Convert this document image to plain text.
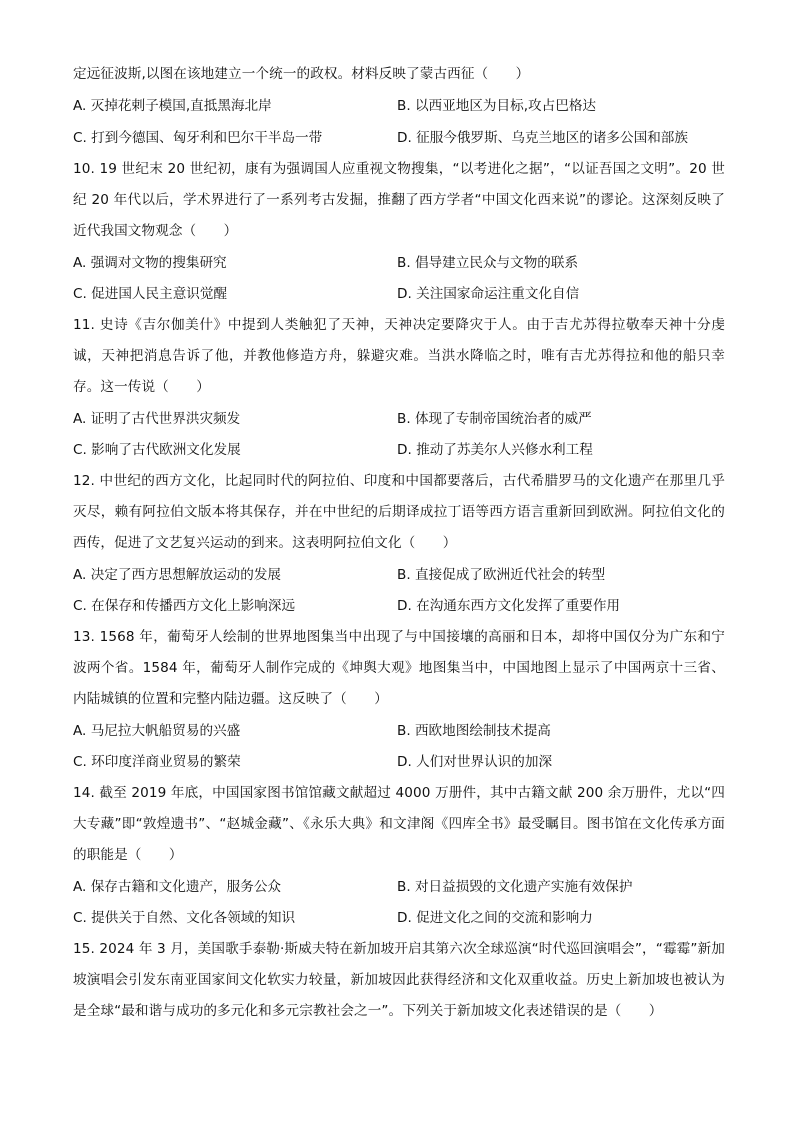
定远征波斯,以图在该地建立一个统一的政权。材料反映了蒙古西征（　　）

A. 灭掉花剌子模国,直抵黑海北岸	B. 以西亚地区为目标,攻占巴格达
C. 打到今德国、匈牙利和巴尔干半岛一带	D. 征服今俄罗斯、乌克兰地区的诸多公国和部族

10. 19 世纪末 20 世纪初，康有为强调国人应重视文物搜集，“以考进化之据”，“以证吾国之文明”。20 世纪 20 年代以后，学术界进行了一系列考古发掘，推翻了西方学者“中国文化西来说”的谬论。这深刻反映了近代我国文物观念（　　）

A. 强调对文物的搜集研究	B. 倡导建立民众与文物的联系
C. 促进国人民主意识觉醒	D. 关注国家命运注重文化自信

11. 史诗《吉尔伽美什》中提到人类触犯了天神，天神决定要降灾于人。由于吉尤苏得拉敬奉天神十分虔诚，天神把消息告诉了他，并教他修造方舟，躲避灾难。当洪水降临之时，唯有吉尤苏得拉和他的船只幸存。这一传说（　　）

A. 证明了古代世界洪灾频发	B. 体现了专制帝国统治者的威严
C. 影响了古代欧洲文化发展	D. 推动了苏美尔人兴修水利工程

12. 中世纪的西方文化，比起同时代的阿拉伯、印度和中国都要落后，古代希腊罗马的文化遗产在那里几乎灭尽，赖有阿拉伯文版本将其保存，并在中世纪的后期译成拉丁语等西方语言重新回到欧洲。阿拉伯文化的西传，促进了文艺复兴运动的到来。这表明阿拉伯文化（　　）

A. 决定了西方思想解放运动的发展	B. 直接促成了欧洲近代社会的转型
C. 在保存和传播西方文化上影响深远	D. 在沟通东西方文化发挥了重要作用

13. 1568 年，葡萄牙人绘制的世界地图集当中出现了与中国接壤的高丽和日本，却将中国仅分为广东和宁波两个省。1584 年，葡萄牙人制作完成的《坤舆大观》地图集当中，中国地图上显示了中国两京十三省、内陆城镇的位置和完整内陆边疆。这反映了（　　）

A. 马尼拉大帆船贸易的兴盛	B. 西欧地图绘制技术提高
C. 环印度洋商业贸易的繁荣	D. 人们对世界认识的加深

14. 截至 2019 年底，中国国家图书馆馆藏文献超过 4000 万册件，其中古籍文献 200 余万册件，尤以“四大专藏”即“敦煌遗书”、“赵城金藏”、《永乐大典》和文津阁《四库全书》最受瞩目。图书馆在文化传承方面的职能是（　　）

A. 保存古籍和文化遗产，服务公众	B. 对日益损毁的文化遗产实施有效保护
C. 提供关于自然、文化各领域的知识	D. 促进文化之间的交流和影响力

15. 2024 年 3 月，美国歌手泰勒·斯威夫特在新加坡开启其第六次全球巡演“时代巡回演唱会”，“霉霉”新加坡演唱会引发东南亚国家间文化软实力较量，新加坡因此获得经济和文化双重收益。历史上新加坡也被认为是全球“最和谐与成功的多元化和多元宗教社会之一”。下列关于新加坡文化表述错误的是（　　）
